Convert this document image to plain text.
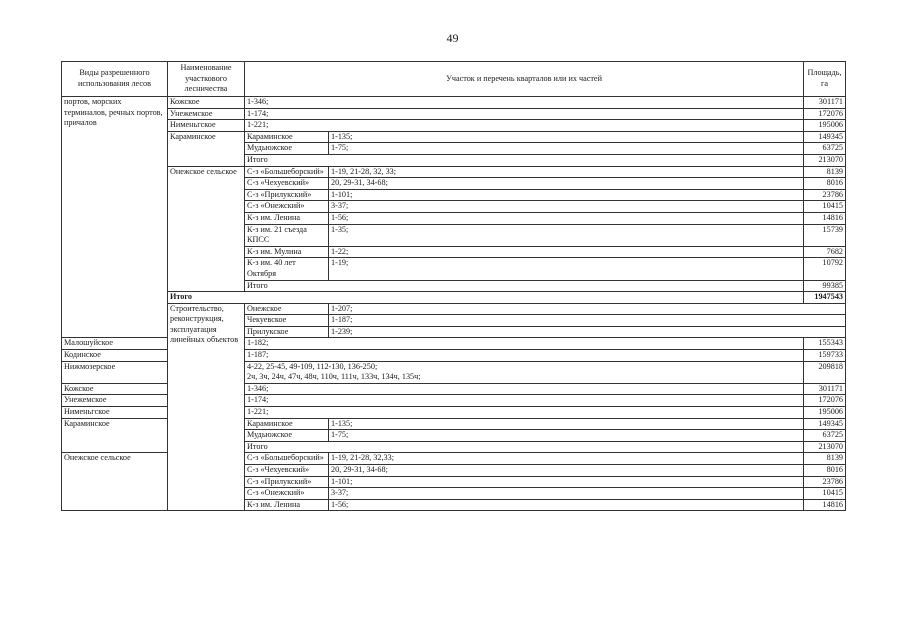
49
Виды разрешенного использования лесов	Наименование участкового лесничества	Участок и перечень кварталов или их частей		Площадь, га	
портов, морских терминалов, речных портов, причалов	Кожское	1-346;		301171	
	Унежемское	1-174;		172076	
	Нименьгское	1-221;		195006	
	Караминское	Караминское	1-135;	149345	
		Мудьюжское	1-75;	63725	
		Итого		213070	
	Онежское сельское	С-з «Большеборский»	1-19, 21-28, 32, 33;	8139	
		С-з «Чехуевский»	20, 29-31, 34-68;	8016	
		С-з «Прилукский»	1-101;	23786	
		С-з «Онежский»	3-37;	10415	
		К-з им. Ленина	1-56;	14816	
		К-з им. 21 съезда КПСС	1-35;	15739	
		К-з им. Мулина	1-22;	7682	
		К-з им. 40 лет Октября	1-19;	10792	
		Итого		99385	
	Итого			1947543	
	Строительство, реконструкция, эксплуатация линейных объектов	Онежское	1-207;	
		Чекуевское	1-187;	
		Прилукское	1-239;	
Малошуйское		1-182;		155343	
Кодинское		1-187;		159733	
Нижмозерское		4-22, 25-45, 49-109, 112-130, 136-250;
2ч, 3ч, 24ч, 47ч, 48ч, 110ч, 111ч, 133ч, 134ч, 135ч;		209818	
Кожское		1-346;		301171	
Унежемское		1-174;		172076	
Нименьгское		1-221;		195006	
Караминское		Караминское	1-135;	149345	
		Мудьюжское	1-75;	63725	
		Итого		213070	
Онежское сельское		С-з «Большеборский»	1-19, 21-28, 32,33;	8139	
		С-з «Чехуевский»	20, 29-31, 34-68;	8016	
		С-з «Прилукский»	1-101;	23786	
		С-з «Онежский»	3-37;	10415	
		К-з им. Ленина	1-56;	14816	
